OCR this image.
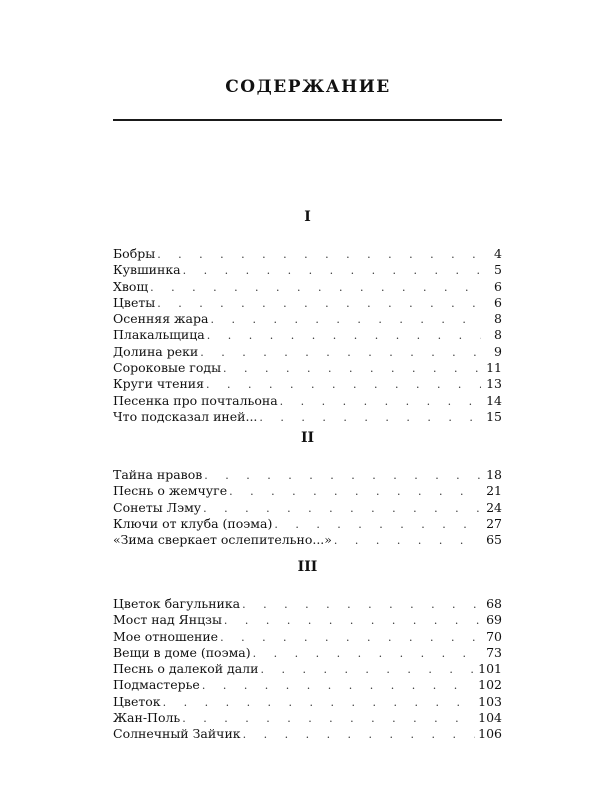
СОДЕРЖАНИЕ
I
Бобры . . .	4
Кувшинка . . .	5
Хвощ . . .	6
Цветы . . .	6
Осенняя жара . . .	8
Плакальщица . . .	8
Долина реки . . .	9
Сороковые годы . . .	11
Круги чтения . . .	13
Песенка про почтальона . . .	14
Что подсказал иней... . . .	15
II
Тайна нравов . . .	18
Песнь о жемчуге . . .	21
Сонеты Лэму . . .	24
Ключи от клуба (поэма) . . .	27
«Зима сверкает ослепительно...» . . .	65
III
Цветок багульника . . .	68
Мост над Янцзы . . .	69
Мое отношение . . .	70
Вещи в доме (поэма) . . .	73
Песнь о далекой дали . . .	101
Подмастерье . . .	102
Цветок . . .	103
Жан-Поль . . .	104
Солнечный Зайчик . . .	106
